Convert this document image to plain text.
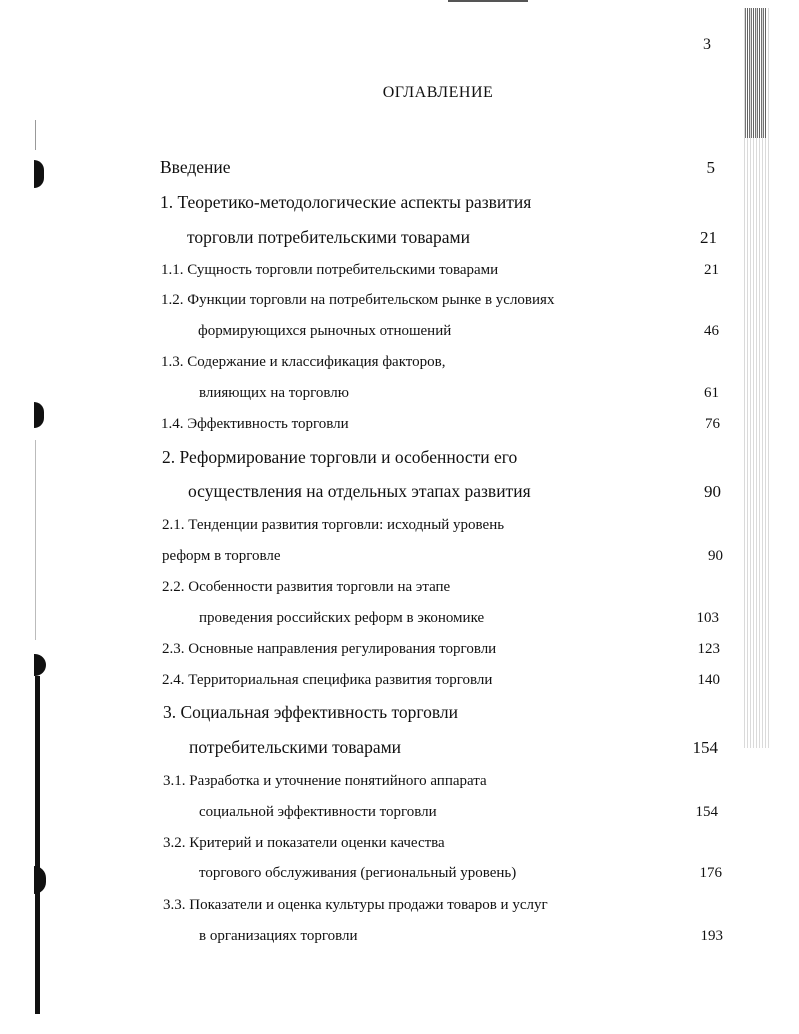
3
ОГЛАВЛЕНИЕ
Введение	5
1. Теоретико-методологические аспекты развития
торговли потребительскими товарами	21
1.1. Сущность торговли потребительскими товарами	21
1.2. Функции торговли на потребительском рынке в условиях
формирующихся рыночных отношений	46
1.3. Содержание и классификация факторов,
влияющих на торговлю	61
1.4. Эффективность торговли	76
2. Реформирование торговли и особенности его
осуществления на отдельных этапах развития	90
2.1. Тенденции развития торговли: исходный уровень
реформ в торговле	90
2.2. Особенности развития торговли на этапе
проведения российских реформ в экономике	103
2.3. Основные направления регулирования торговли	123
2.4. Территориальная специфика развития торговли	140
3. Социальная эффективность торговли
потребительскими товарами	154
3.1. Разработка и уточнение понятийного аппарата
социальной эффективности торговли	154
3.2. Критерий и показатели оценки качества
торгового обслуживания (региональный уровень)	176
3.3. Показатели и оценка культуры продажи товаров и услуг
в организациях торговли	193
